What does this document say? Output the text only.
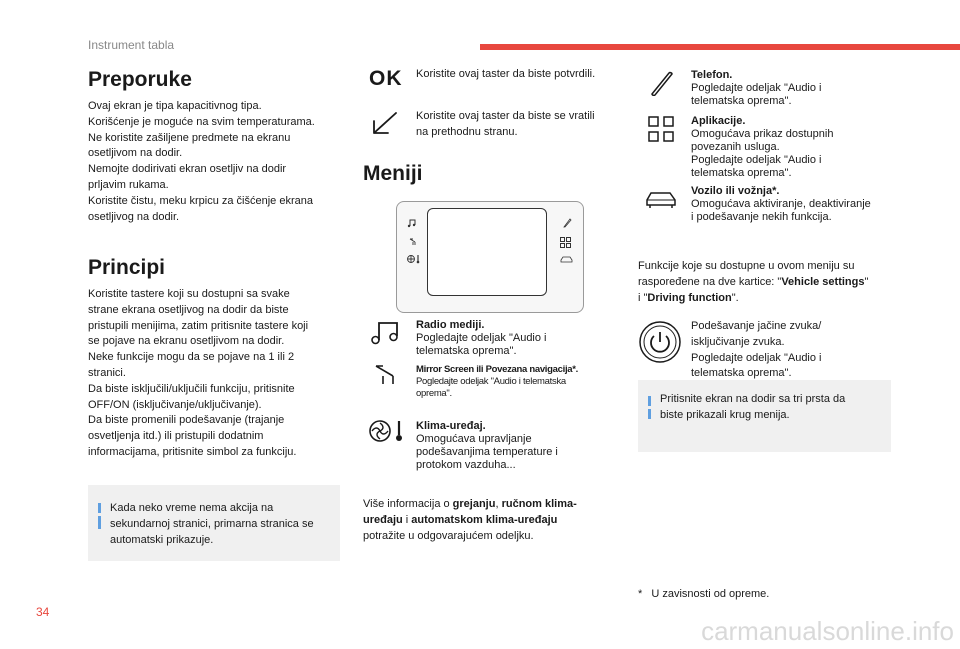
Instrument tabla
34
carmanualsonline.info
Preporuke

Ovaj ekran je tipa kapacitivnog tipa.

Korišćenje je moguće na svim temperaturama.

Ne koristite zašiljene predmete na ekranu

osetljivom na dodir.

Nemojte dodirivati ekran osetljiv na dodir

prljavim rukama.

Koristite čistu, meku krpicu za čišćenje ekrana

osetljivog na dodir.

Principi

Koristite tastere koji su dostupni sa svake

strane ekrana osetljivog na dodir da biste

pristupili menijima, zatim pritisnite tastere koji

se pojave na ekranu osetljivom na dodir.

Neke funkcije mogu da se pojave na 1 ili 2

stranici.

Da biste isključili/uključili funkciju, pritisnite

OFF/ON (isključivanje/uključivanje).

Da biste promenili podešavanje (trajanje

osvetljenja itd.) ili pristupili dodatnim

informacijama, pritisnite simbol za funkciju.

Kada neko vreme nema akcija na

sekundarnoj stranici, primarna stranica se

automatski prikazuje.

OK Koristite ovaj taster da biste potvrdili.

Koristite ovaj taster da biste se vratili

na prethodnu stranu.

Meniji
Radio mediji.
Pogledajte odeljak "Audio i
telematska oprema".
Mirror Screen ili Povezana navigacija*.
Pogledajte odeljak "Audio i telematska
oprema".
Klima-uređaj.
Omogućava upravljanje
podešavanjima temperature i
protokom vazduha...

Više informacija o grejanju, ručnom klima-

uređaju i automatskom klima-uređaju

potražite u odgovarajućem odeljku.

Telefon.
Pogledajte odeljak "Audio i
telematska oprema".
Aplikacije.
Omogućava prikaz dostupnih
povezanih usluga.
Pogledajte odeljak "Audio i
telematska oprema".
Vozilo ili vožnja*.
Omogućava aktiviranje, deaktiviranje
i podešavanje nekih funkcija.

Funkcije koje su dostupne u ovom meniju su

raspoređene na dve kartice: "Vehicle settings"

i "Driving function".

Podešavanje jačine zvuka/

isključivanje zvuka.

Pogledajte odeljak "Audio i

telematska oprema".

Pritisnite ekran na dodir sa tri prsta da

biste prikazali krug menija.

* U zavisnosti od opreme.
